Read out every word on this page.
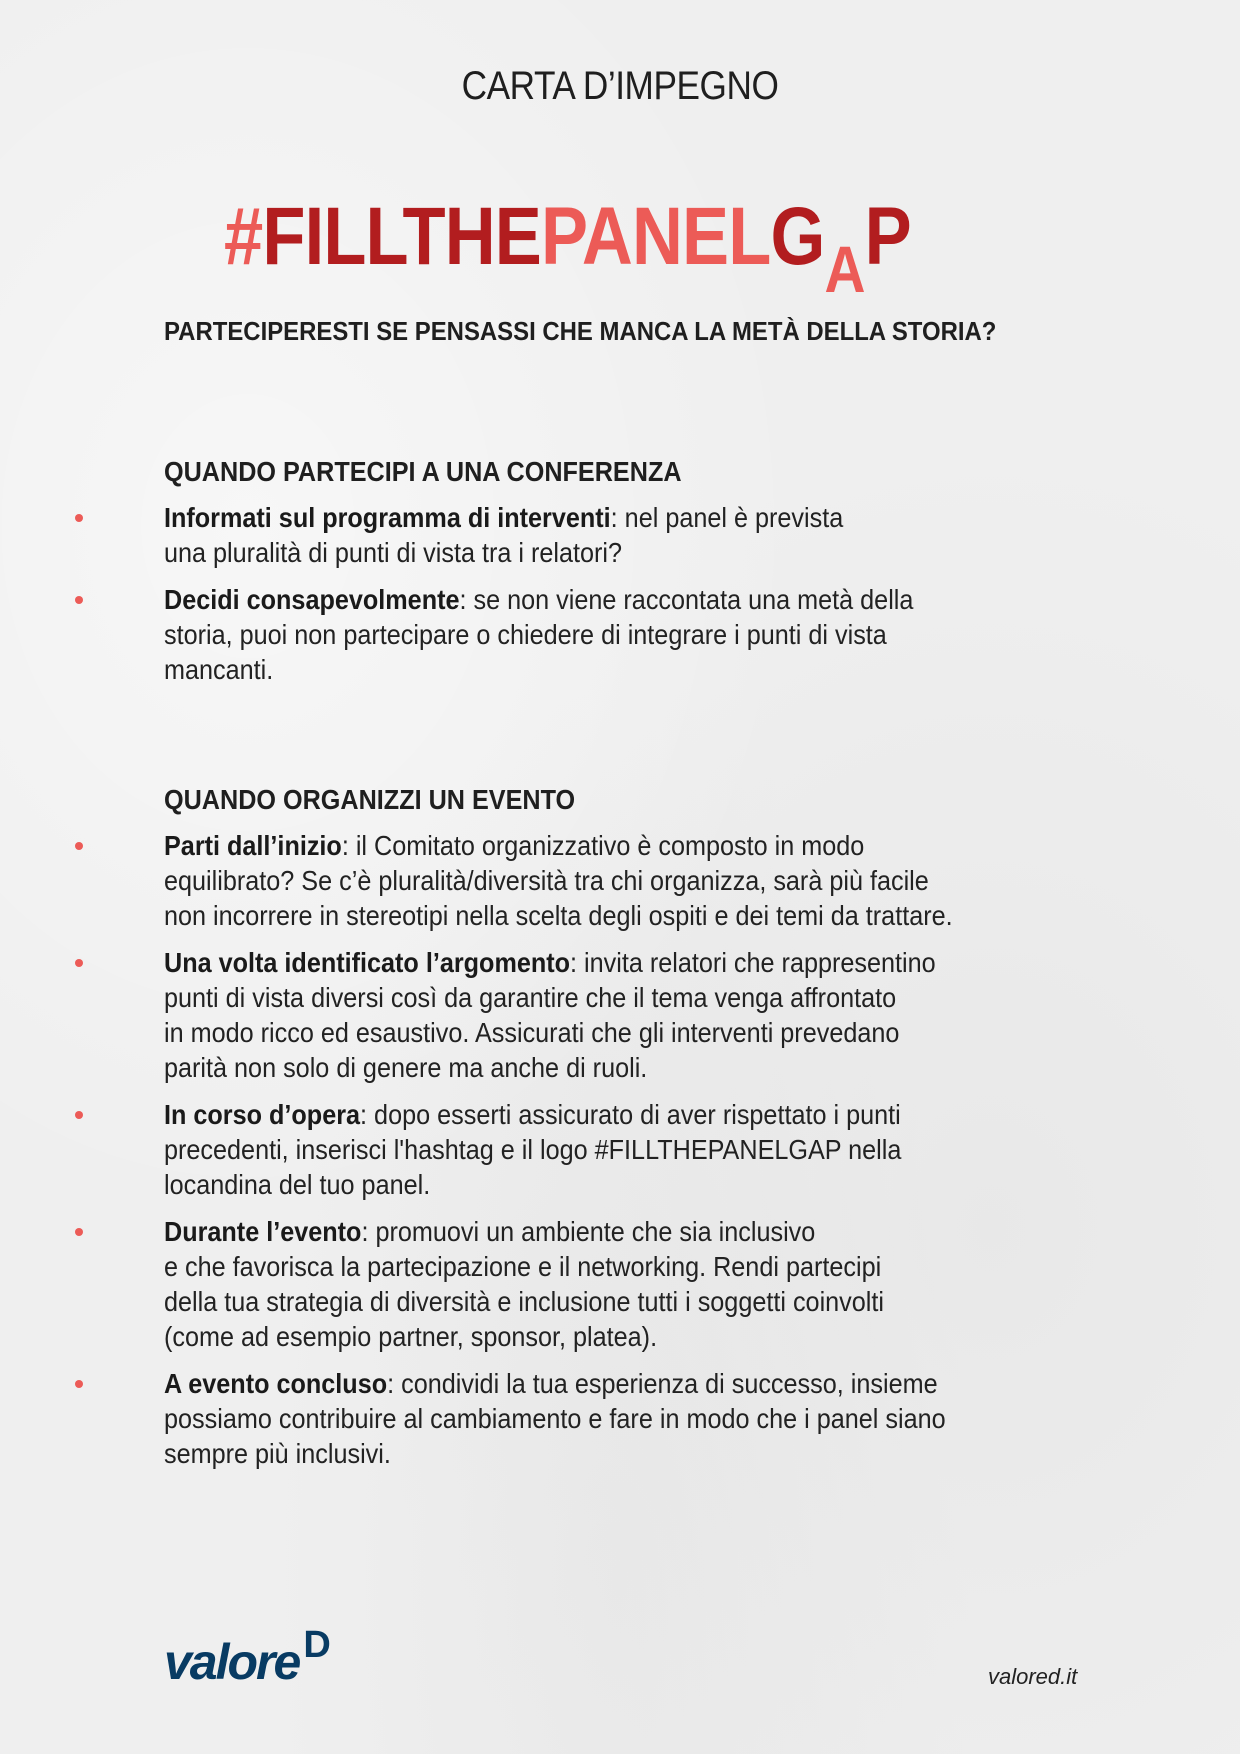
CARTA D’IMPEGNO
#FILLTHEPANELGAP
PARTECIPERESTI SE PENSASSI CHE MANCA LA METÀ DELLA STORIA?
QUANDO PARTECIPI A UNA CONFERENZA
Informati sul programma di interventi: nel panel è prevista
una pluralità di punti di vista tra i relatori?
Decidi consapevolmente: se non viene raccontata una metà della
storia, puoi non partecipare o chiedere di integrare i punti di vista
mancanti.
QUANDO ORGANIZZI UN EVENTO
Parti dall’inizio: il Comitato organizzativo è composto in modo
equilibrato? Se c’è pluralità/diversità tra chi organizza, sarà più facile
non incorrere in stereotipi nella scelta degli ospiti e dei temi da trattare.
Una volta identificato l’argomento: invita relatori che rappresentino
punti di vista diversi così da garantire che il tema venga affrontato
in modo ricco ed esaustivo. Assicurati che gli interventi prevedano
parità non solo di genere ma anche di ruoli.
In corso d’opera: dopo esserti assicurato di aver rispettato i punti
precedenti, inserisci l'hashtag e il logo #FILLTHEPANELGAP nella
locandina del tuo panel.
Durante l’evento: promuovi un ambiente che sia inclusivo
e che favorisca la partecipazione e il networking. Rendi partecipi
della tua strategia di diversità e inclusione tutti i soggetti coinvolti
(come ad esempio partner, sponsor, platea).
A evento concluso: condividi la tua esperienza di successo, insieme
possiamo contribuire al cambiamento e fare in modo che i panel siano
sempre più inclusivi.
valore $^D$
valored.it
